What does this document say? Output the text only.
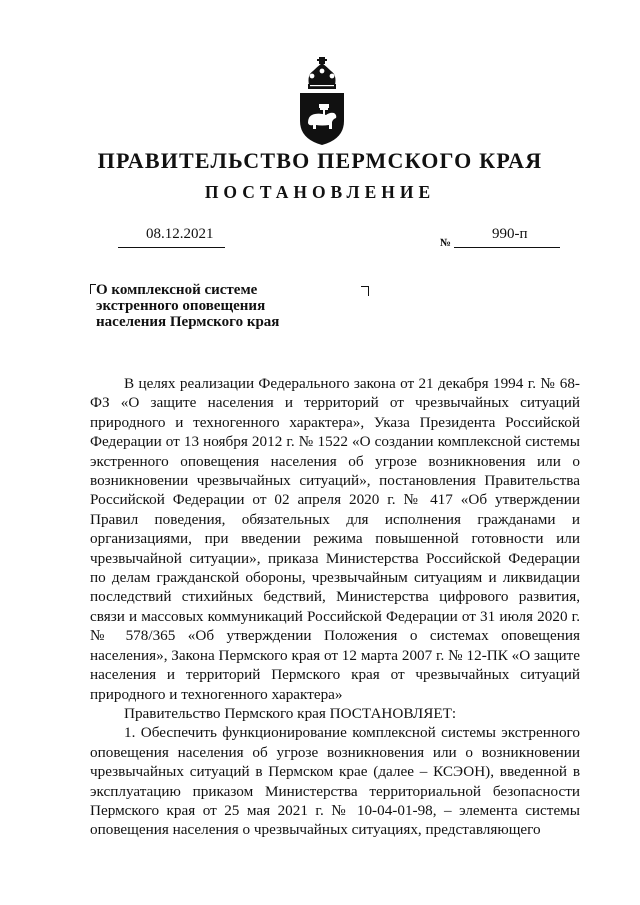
ПРАВИТЕЛЬСТВО ПЕРМСКОГО КРАЯ
ПОСТАНОВЛЕНИЕ
08.12.2021
№
990-п
О комплексной системе
экстренного оповещения
населения Пермского края

В целях реализации Федерального закона от 21 декабря 1994 г. № 68-ФЗ «О защите населения и территорий от чрезвычайных ситуаций природного и техногенного характера», Указа Президента Российской Федерации от 13 ноября 2012 г. № 1522 «О создании комплексной системы экстренного оповещения населения об угрозе возникновения или о возникновении чрезвычайных ситуаций», постановления Правительства Российской Федерации от 02 апреля 2020 г. № 417 «Об утверждении Правил поведения, обязательных для исполнения гражданами и организациями, при введении режима повышенной готовности или чрезвычайной ситуации», приказа Министерства Российской Федерации по делам гражданской обороны, чрезвычайным ситуациям и ликвидации последствий стихийных бедствий, Министерства цифрового развития, связи и массовых коммуникаций Российской Федерации от 31 июля 2020 г. № 578/365 «Об утверждении Положения о системах оповещения населения», Закона Пермского края от 12 марта 2007 г. № 12-ПК «О защите населения и территорий Пермского края от чрезвычайных ситуаций природного и техногенного характера»

Правительство Пермского края ПОСТАНОВЛЯЕТ:

1. Обеспечить функционирование комплексной системы экстренного оповещения населения об угрозе возникновения или о возникновении чрезвычайных ситуаций в Пермском крае (далее – КСЭОН), введенной в эксплуатацию приказом Министерства территориальной безопасности Пермского края от 25 мая 2021 г. № 10-04-01-98, – элемента системы оповещения населения о чрезвычайных ситуациях, представляющего
